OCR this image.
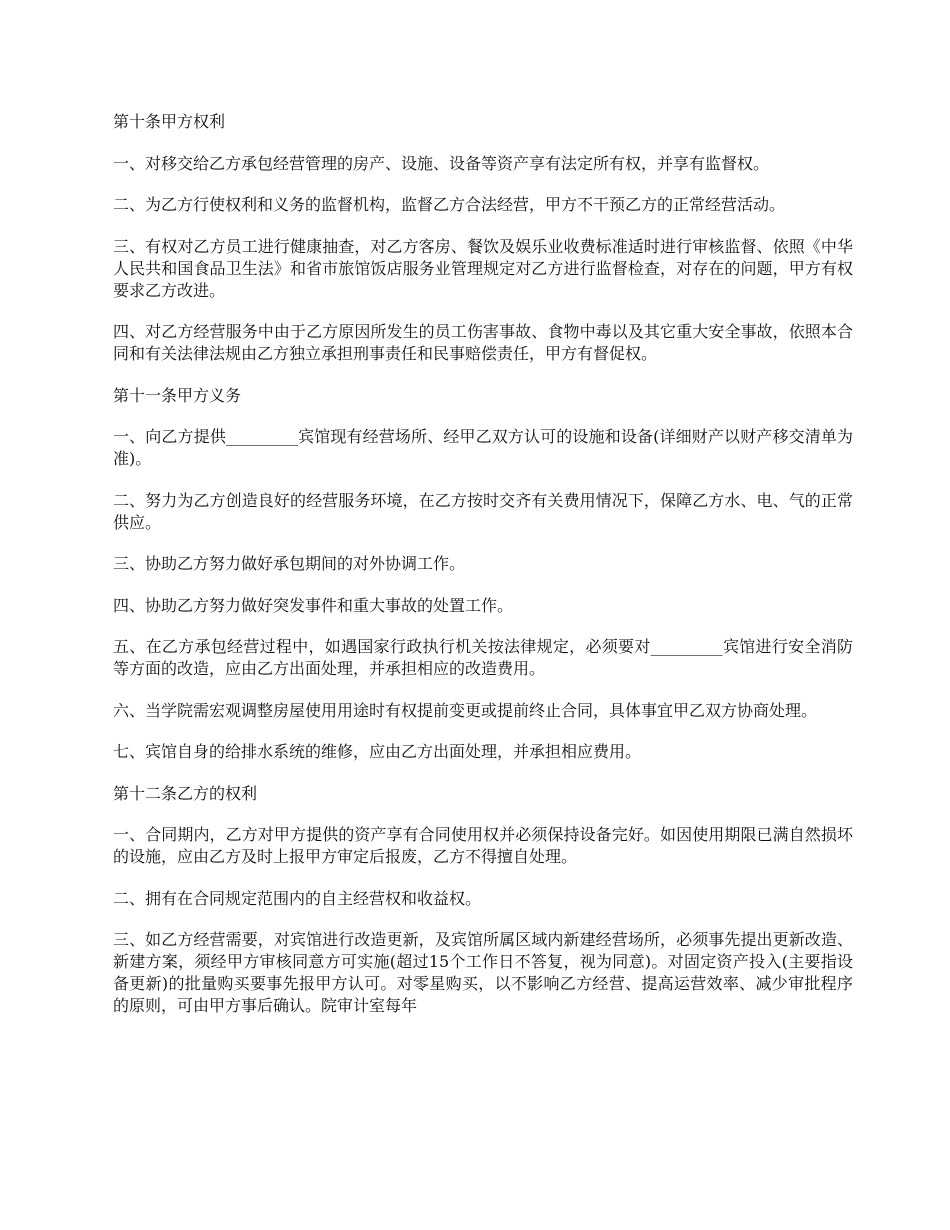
第十条甲方权利

一、对移交给乙方承包经营管理的房产、设施、设备等资产享有法定所有权，并享有监督权。

二、为乙方行使权利和义务的监督机构，监督乙方合法经营，甲方不干预乙方的正常经营活动。

三、有权对乙方员工进行健康抽查，对乙方客房、餐饮及娱乐业收费标准适时进行审核监督、依照《中华人民共和国食品卫生法》和省市旅馆饭店服务业管理规定对乙方进行监督检查，对存在的问题，甲方有权要求乙方改进。

四、对乙方经营服务中由于乙方原因所发生的员工伤害事故、食物中毒以及其它重大安全事故，依照本合同和有关法律法规由乙方独立承担刑事责任和民事赔偿责任，甲方有督促权。

第十一条甲方义务

一、向乙方提供_________宾馆现有经营场所、经甲乙双方认可的设施和设备(详细财产以财产移交清单为准)。

二、努力为乙方创造良好的经营服务环境，在乙方按时交齐有关费用情况下，保障乙方水、电、气的正常供应。

三、协助乙方努力做好承包期间的对外协调工作。

四、协助乙方努力做好突发事件和重大事故的处置工作。

五、在乙方承包经营过程中，如遇国家行政执行机关按法律规定，必须要对_________宾馆进行安全消防等方面的改造，应由乙方出面处理，并承担相应的改造费用。

六、当学院需宏观调整房屋使用用途时有权提前变更或提前终止合同，具体事宜甲乙双方协商处理。

七、宾馆自身的给排水系统的维修，应由乙方出面处理，并承担相应费用。

第十二条乙方的权利

一、合同期内，乙方对甲方提供的资产享有合同使用权并必须保持设备完好。如因使用期限已满自然损坏的设施，应由乙方及时上报甲方审定后报废，乙方不得擅自处理。

二、拥有在合同规定范围内的自主经营权和收益权。

三、如乙方经营需要，对宾馆进行改造更新，及宾馆所属区域内新建经营场所，必须事先提出更新改造、新建方案，须经甲方审核同意方可实施(超过15个工作日不答复，视为同意)。对固定资产投入(主要指设备更新)的批量购买要事先报甲方认可。对零星购买，以不影响乙方经营、提高运营效率、减少审批程序的原则，可由甲方事后确认。院审计室每年
